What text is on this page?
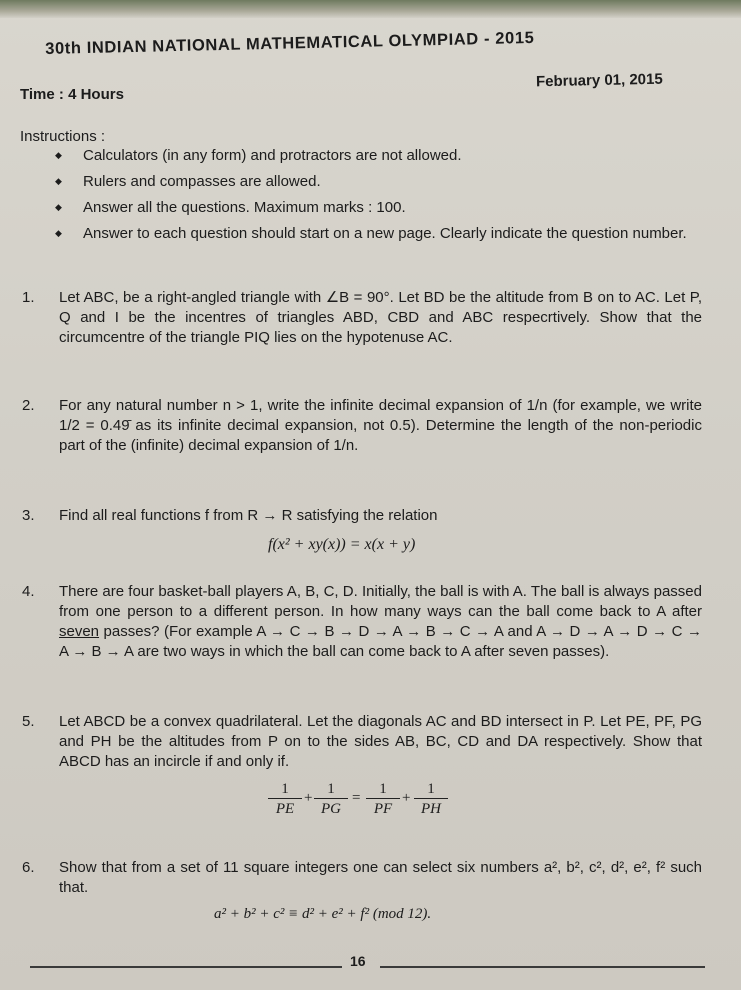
30th INDIAN NATIONAL MATHEMATICAL OLYMPIAD - 2015
Time : 4 Hours
February 01, 2015
Instructions :
◆ Calculators (in any form) and protractors are not allowed.
◆ Rulers and compasses are allowed.
◆ Answer all the questions. Maximum marks : 100.
◆ Answer to each question should start on a new page. Clearly indicate the question number.
1.	Let ABC, be a right-angled triangle with ∠B = 90°. Let BD be the altitude from B on to AC. Let P, Q and I be the incentres of triangles ABD, CBD and ABC respecrtively. Show that the circumcentre of the triangle PIQ lies on the hypotenuse AC.
2.	For any natural number n > 1, write the infinite decimal expansion of 1/n (for example, we write 1/2 = 0.49̄ as its infinite decimal expansion, not 0.5). Determine the length of the non-periodic part of the (infinite) decimal expansion of 1/n.
3.	Find all real functions f from R → R satisfying the relation
f(x² + xy(x)) = x(x + y)
4.	There are four basket-ball players A, B, C, D. Initially, the ball is with A. The ball is always passed from one person to a different person. In how many ways can the ball come back to A after seven passes? (For example A → C → B → D → A → B → C → A and A → D → A → D → C → A → B → A are two ways in which the ball can come back to A after seven passes).
5.	Let ABCD be a convex quadrilateral. Let the diagonals AC and BD intersect in P. Let PE, PF, PG and PH be the altitudes from P on to the sides AB, BC, CD and DA respectively. Show that ABCD has an incircle if and only if.
$\frac{1}{PE} + \frac{1}{PG} = \frac{1}{PF} + \frac{1}{PH}$
6.	Show that from a set of 11 square integers one can select six numbers a², b², c², d², e², f² such that.
a² + b² + c² ≡ d² + e² + f² (mod 12).
16
